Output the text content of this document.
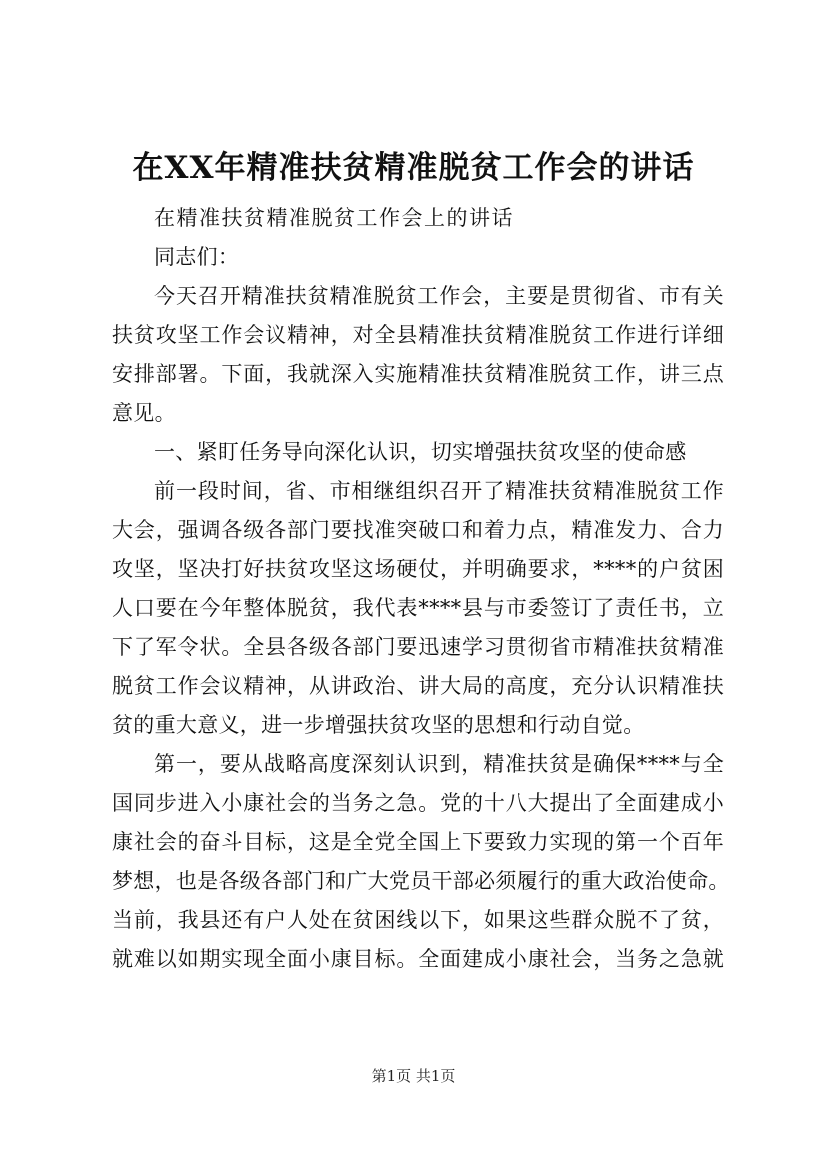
在XX年精准扶贫精准脱贫工作会的讲话
在精准扶贫精准脱贫工作会上的讲话
同志们：
今天召开精准扶贫精准脱贫工作会，主要是贯彻省、市有关
扶贫攻坚工作会议精神，对全县精准扶贫精准脱贫工作进行详细
安排部署。下面，我就深入实施精准扶贫精准脱贫工作，讲三点
意见。
一、紧盯任务导向深化认识，切实增强扶贫攻坚的使命感
前一段时间，省、市相继组织召开了精准扶贫精准脱贫工作
大会，强调各级各部门要找准突破口和着力点，精准发力、合力
攻坚，坚决打好扶贫攻坚这场硬仗，并明确要求，****的户贫困
人口要在今年整体脱贫，我代表****县与市委签订了责任书，立
下了军令状。全县各级各部门要迅速学习贯彻省市精准扶贫精准
脱贫工作会议精神，从讲政治、讲大局的高度，充分认识精准扶
贫的重大意义，进一步增强扶贫攻坚的思想和行动自觉。
第一，要从战略高度深刻认识到，精准扶贫是确保****与全
国同步进入小康社会的当务之急。党的十八大提出了全面建成小
康社会的奋斗目标，这是全党全国上下要致力实现的第一个百年
梦想，也是各级各部门和广大党员干部必须履行的重大政治使命。
当前，我县还有户人处在贫困线以下，如果这些群众脱不了贫，
就难以如期实现全面小康目标。全面建成小康社会，当务之急就
第1页 共1页
